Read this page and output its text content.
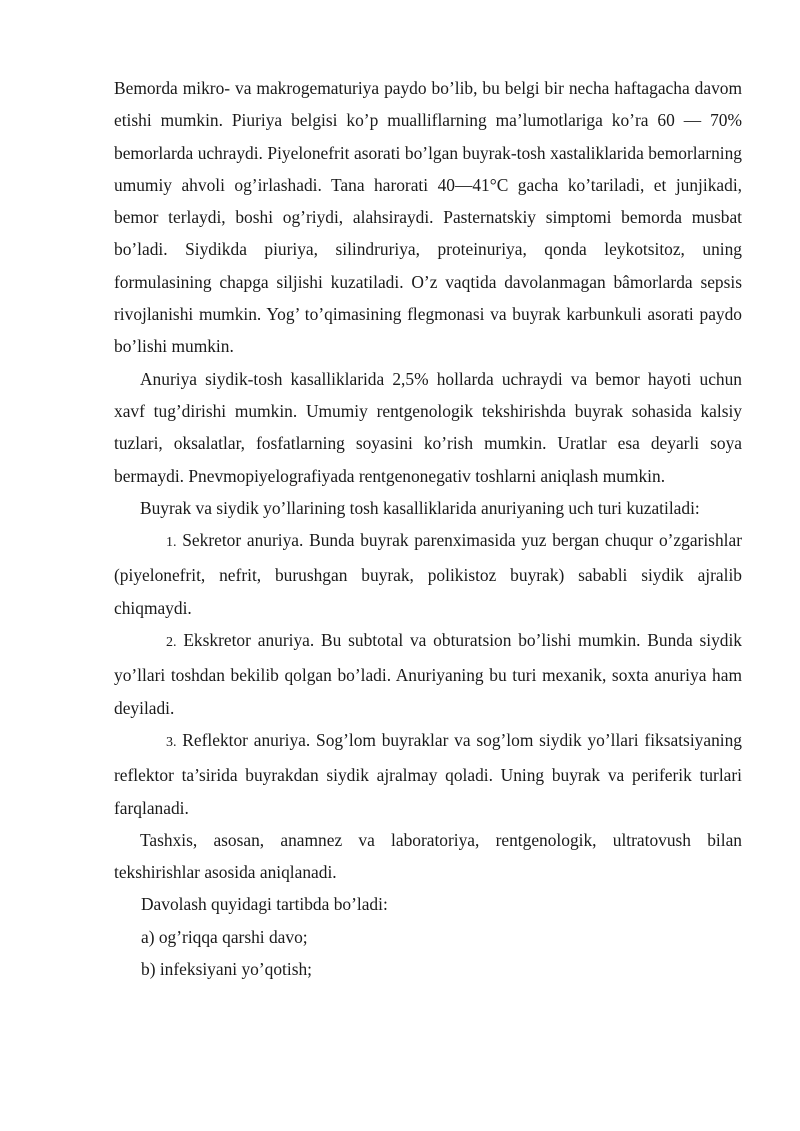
Bemorda mikro- va makrogematuriya paydo bo’lib, bu belgi bir necha haftagacha davom etishi mumkin. Piuriya belgisi ko’p mualliflarning ma’lumotlariga ko’ra 60 — 70% bemorlarda uchraydi. Piyelonefrit asorati bo’lgan buyrak-tosh xastaliklarida bemorlarning umumiy ahvoli og’irlashadi. Tana harorati 40—41°C gacha ko’tariladi, et junjikadi, bemor terlaydi, boshi og’riydi, alahsiraydi. Pasternatskiy simptomi bemorda musbat bo’ladi. Siydikda piuriya, silindruriya, proteinuriya, qonda leykotsitoz, uning formulasining chapga siljishi kuzatiladi. O’z vaqtida davolanmagan bâmorlarda sepsis rivojlanishi mumkin. Yog’ to’qimasining flegmonasi va buyrak karbunkuli asorati paydo bo’lishi mumkin.

Anuriya siydik-tosh kasalliklarida 2,5% hollarda uchraydi va bemor hayoti uchun xavf tug’dirishi mumkin. Umumiy rentgenologik tekshirishda buyrak sohasida kalsiy tuzlari, oksalatlar, fosfatlarning soyasini ko’rish mumkin. Uratlar esa deyarli soya bermaydi. Pnevmopiyelografiyada rentgenonegativ toshlarni aniqlash mumkin.

Buyrak va siydik yo’llarining tosh kasalliklarida anuriyaning uch turi kuzatiladi:

1. Sekretor anuriya. Bunda buyrak parenximasida yuz bergan chuqur o’zgarishlar (piyelonefrit, nefrit, burushgan buyrak, polikistoz buyrak) sababli siydik ajralib chiqmaydi.

2. Ekskretor anuriya. Bu subtotal va obturatsion bo’lishi mumkin. Bunda siydik yo’llari toshdan bekilib qolgan bo’ladi. Anuriyaning bu turi mexanik, soxta anuriya ham deyiladi.

3. Reflektor anuriya. Sog’lom buyraklar va sog’lom siydik yo’llari fiksatsiyaning reflektor ta’sirida buyrakdan siydik ajralmay qoladi. Uning buyrak va periferik turlari farqlanadi.

Tashxis, asosan, anamnez va laboratoriya, rentgenologik, ultratovush bilan tekshirishlar asosida aniqlanadi.

Davolash quyidagi tartibda bo’ladi:

a) og’riqqa qarshi davo;

b) infeksiyani yo’qotish;
